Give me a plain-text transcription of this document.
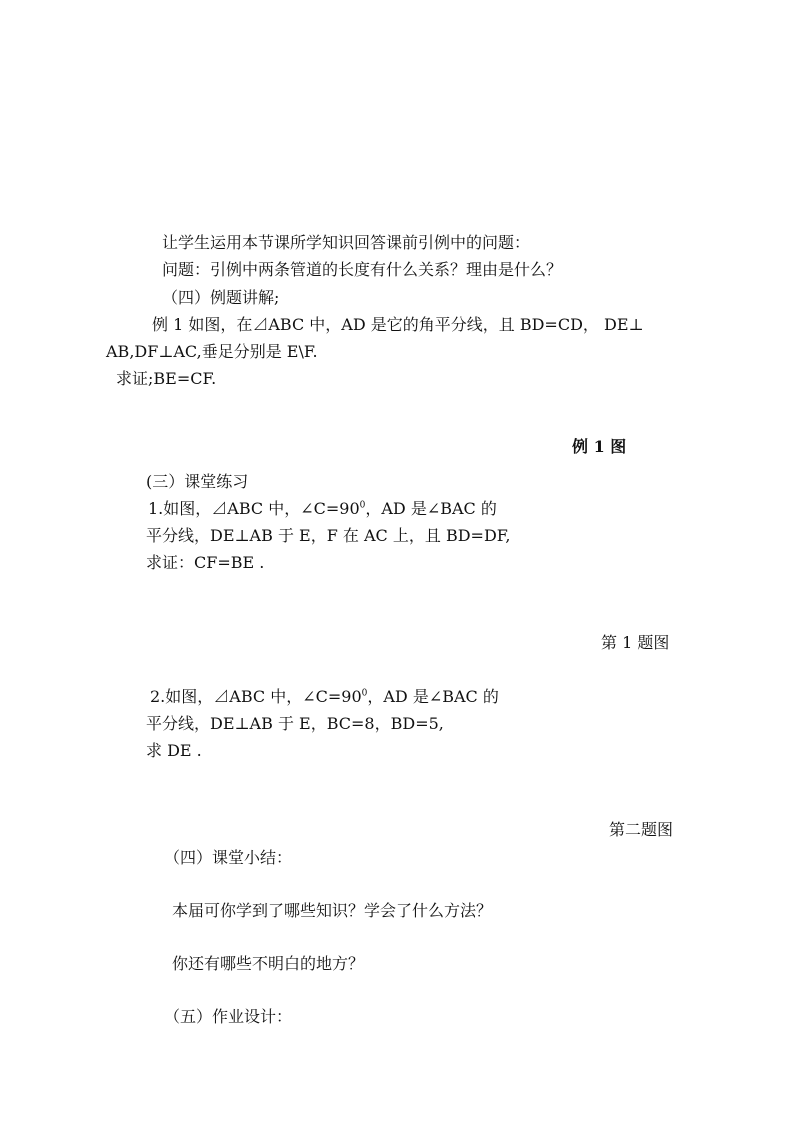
让学生运用本节课所学知识回答课前引例中的问题：
问题：引例中两条管道的长度有什么关系？理由是什么？
（四）例题讲解;
例 1 如图，在⊿ABC 中，AD 是它的角平分线，且 BD=CD， DE⊥
AB,DF⊥AC,垂足分别是 E\F.
求证;BE=CF.
例 1 图
(三）课堂练习
1.如图，⊿ABC 中，$\angle C=90^0$，AD 是∠BAC 的
平分线，DE⊥AB 于 E，F 在 AC 上，且 BD=DF,
求证：CF=BE .
第 1 题图
2.如图，⊿ABC 中，$\angle C=90^0$，AD 是∠BAC 的
平分线，DE⊥AB 于 E，BC=8，BD=5,
求 DE .
第二题图
（四）课堂小结：
本届可你学到了哪些知识？学会了什么方法？
你还有哪些不明白的地方？
（五）作业设计：
